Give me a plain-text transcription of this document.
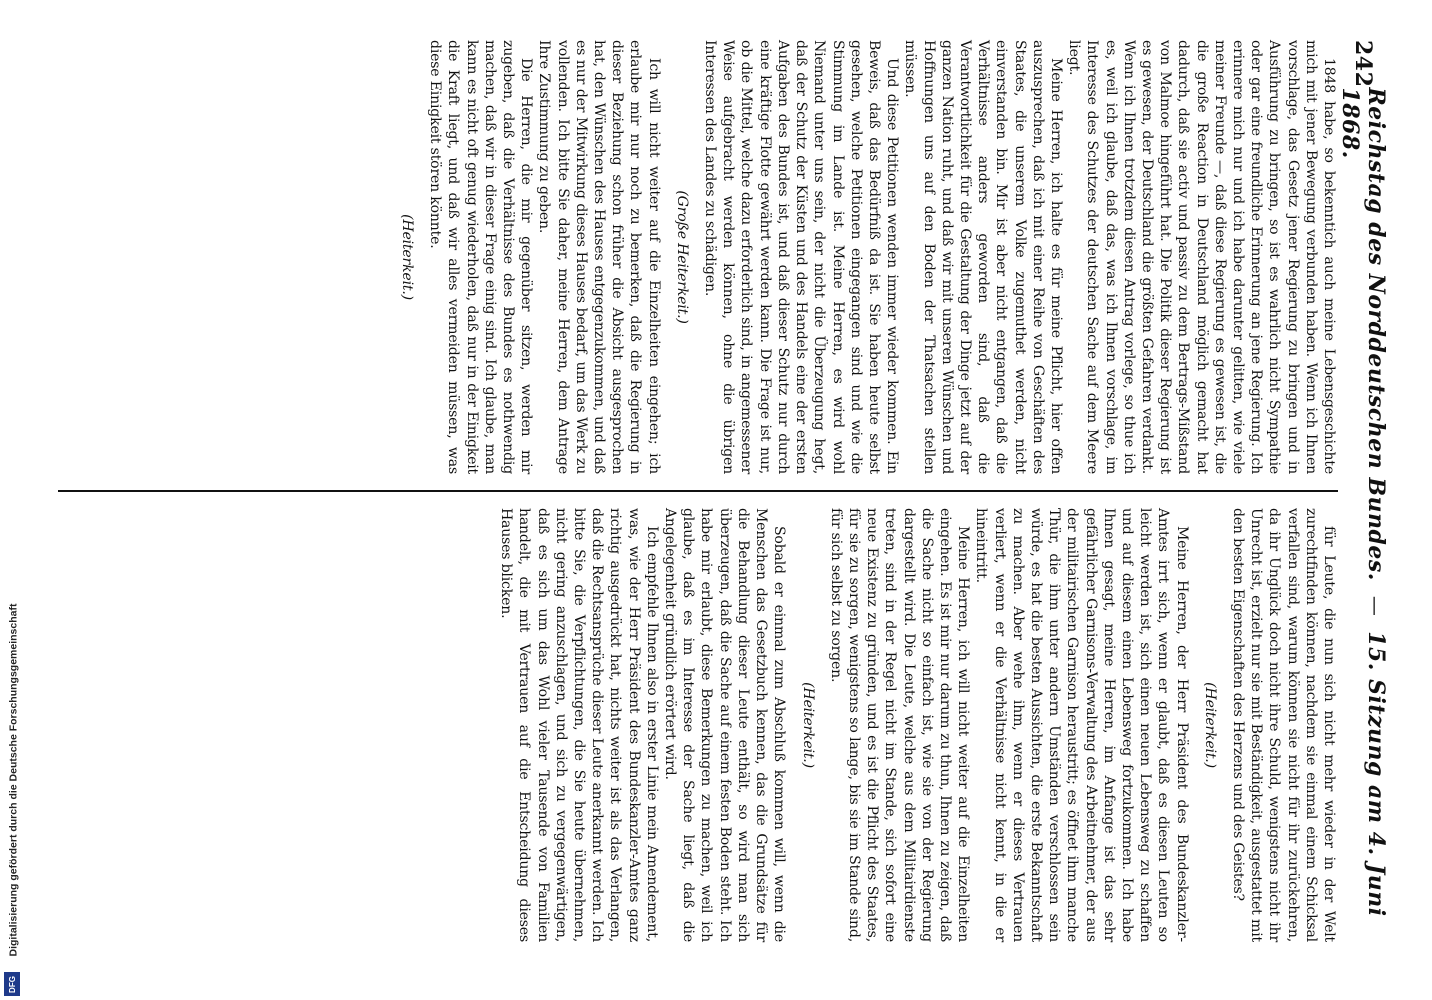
242
Reichstag des Norddeutschen Bundes. — 15. Sitzung am 4. Juni 1868.

1848 habe, so bekenntich auch meine Lebensgeschichte mich mit jener Bewegung verbunden haben. Wenn ich Ihnen vorschlage, das Gesetz jener Regierung zu bringen und in Ausführung zu bringen, so ist es wahrlich nicht Sympathie oder gar eine freundliche Erinnerung an jene Regierung. Ich erinnere mich nur und ich habe darunter gelitten, wie viele meiner Freunde —, daß diese Regierung es gewesen ist, die die große Reaction in Deutschland möglich gemacht hat dadurch, daß sie activ und passiv zu dem Bertrags-Mißstand von Malmoe hingeführt hat. Die Politik dieser Regierung ist es gewesen, der Deutschland die größten Gefahren verdankt. Wenn ich Ihnen trotzdem diesen Antrag vorlege, so thue ich es, weil ich glaube, daß das, was ich Ihnen vorschlage, im Interesse des Schutzes der deutschen Sache auf dem Meere liegt.

Meine Herren, ich halte es für meine Pflicht, hier offen auszusprechen, daß ich mit einer Reihe von Geschäften des Staates, die unserem Volke zugemuthet werden, nicht einverstanden bin. Mir ist aber nicht entgangen, daß die Verhältnisse anders geworden sind, daß die Verantwortlichkeit für die Gestaltung der Dinge jetzt auf der ganzen Nation ruht, und daß wir mit unseren Wünschen und Hoffnungen uns auf den Boden der Thatsachen stellen müssen.

Und diese Petitionen wenden immer wieder kommen. Ein Beweis, daß das Bedürfniß da ist. Sie haben heute selbst gesehen, welche Petitionen eingegangen sind und wie die Stimmung im Lande ist. Meine Herren, es wird wohl Niemand unter uns sein, der nicht die Überzeugung hegt, daß der Schutz der Küsten und des Handels eine der ersten Aufgaben des Bundes ist, und daß dieser Schutz nur durch eine kräftige Flotte gewährt werden kann. Die Frage ist nur, ob die Mittel, welche dazu erforderlich sind, in angemessener Weise aufgebracht werden können, ohne die übrigen Interessen des Landes zu schädigen.

(Große Heiterkeit.)

Ich will nicht weiter auf die Einzelheiten eingehen; ich erlaube mir nur noch zu bemerken, daß die Regierung in dieser Beziehung schon früher die Absicht ausgesprochen hat, den Wünschen des Hauses entgegenzukommen, und daß es nur der Mitwirkung dieses Hauses bedarf, um das Werk zu vollenden. Ich bitte Sie daher, meine Herren, dem Antrage Ihre Zustimmung zu geben.

Die Herren, die mir gegenüber sitzen, werden mir zugeben, daß die Verhältnisse des Bundes es nothwendig machen, daß wir in dieser Frage einig sind. Ich glaube, man kann es nicht oft genug wiederholen, daß nur in der Einigkeit die Kraft liegt, und daß wir alles vermeiden müssen, was diese Einigkeit stören könnte.

(Heiterkeit.)

für Leute, die nun sich nicht mehr wieder in der Welt zurechtfinden können, nachdem sie einmal einem Schicksal verfallen sind, warum können sie nicht für ihr zurückehren, da ihr Unglück doch nicht ihre Schuld, wenigstens nicht ihr Unrecht ist, erzielt nur sie mit Beständigkeit, ausgestattet mit den besten Eigenschaften des Herzens und des Geistes?

(Heiterkeit.)

Meine Herren, der Herr Präsident des Bundeskanzler-Amtes irrt sich, wenn er glaubt, daß es diesen Leuten so leicht werden ist, sich einen neuen Lebensweg zu schaffen und auf diesem einen Lebensweg fortzukommen. Ich habe Ihnen gesagt, meine Herren, im Anfange ist das sehr gefährlicher Garnisons-Verwaltung des Arbeitnehmer, der aus der militairischen Garnison heraustritt; es öffnet ihm manche Thür, die ihm unter andern Umständen verschlossen sein würde, es hat die besten Aussichten, die erste Bekanntschaft zu machen. Aber wehe ihm, wenn er dieses Vertrauen verliert, wenn er die Verhältnisse nicht kennt, in die er hineintritt.

Meine Herren, ich will nicht weiter auf die Einzelheiten eingehen. Es ist mir nur darum zu thun, Ihnen zu zeigen, daß die Sache nicht so einfach ist, wie sie von der Regierung dargestellt wird. Die Leute, welche aus dem Militairdienste treten, sind in der Regel nicht im Stande, sich sofort eine neue Existenz zu gründen, und es ist die Pflicht des Staates, für sie zu sorgen, wenigstens so lange, bis sie im Stande sind, für sich selbst zu sorgen.

(Heiterkeit.)

Sobald er einmal zum Abschluß kommen will, wenn die Menschen das Gesetzbuch kennen, das die Grundsätze für die Behandlung dieser Leute enthält, so wird man sich überzeugen, daß die Sache auf einem festen Boden steht. Ich habe mir erlaubt, diese Bemerkungen zu machen, weil ich glaube, daß es im Interesse der Sache liegt, daß die Angelegenheit gründlich erörtert wird.

Ich empfehle Ihnen also in erster Linie mein Amendement, was, wie der Herr Präsident des Bundeskanzler-Amtes ganz richtig ausgedrückt hat, nichts weiter ist als das Verlangen, daß die Rechtsansprüche dieser Leute anerkannt werden. Ich bitte Sie, die Verpflichtungen, die Sie heute übernehmen, nicht gering anzuschlagen, und sich zu vergegenwärtigen, daß es sich um das Wohl vieler Tausende von Familien handelt, die mit Vertrauen auf die Entscheidung dieses Hauses blicken.

Digitalisierung gefördert durch die Deutsche Forschungsgemeinschaft
DFG
